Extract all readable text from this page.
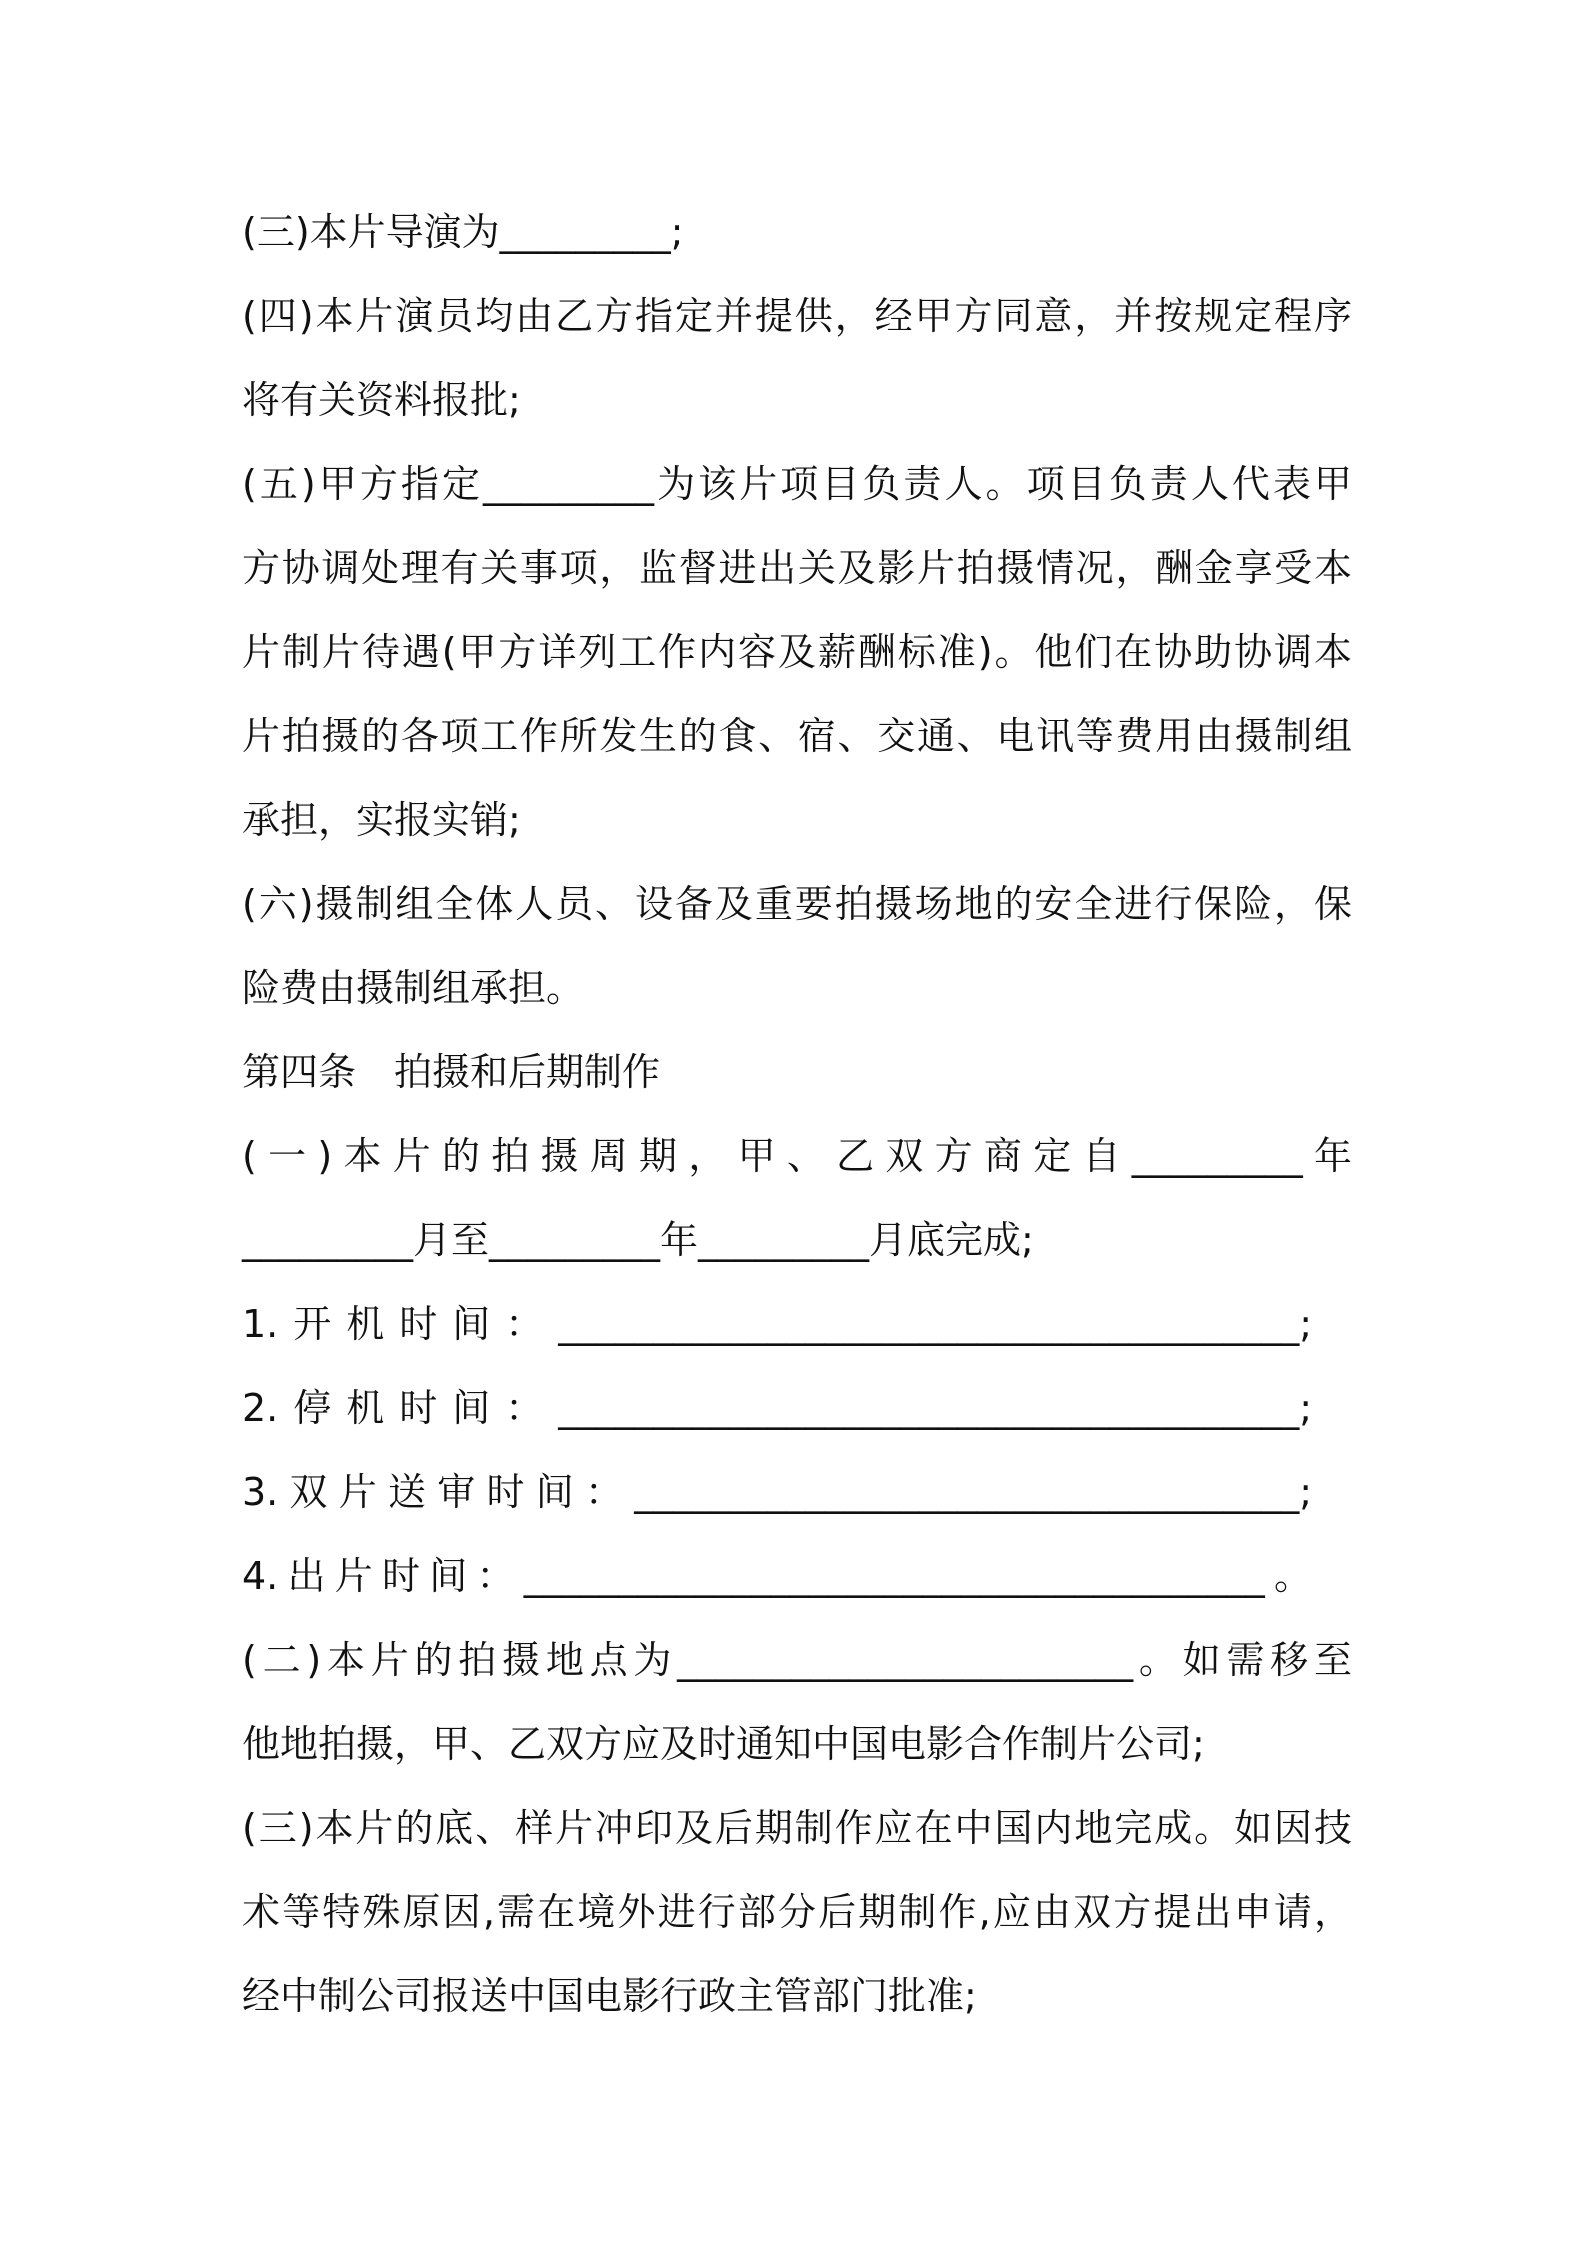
(三)本片导演为_________;
(四)本片演员均由乙方指定并提供，经甲方同意，并按规定程序
将有关资料报批;
(五)甲方指定_________为该片项目负责人。项目负责人代表甲
方协调处理有关事项，监督进出关及影片拍摄情况，酬金享受本
片制片待遇(甲方详列工作内容及薪酬标准)。他们在协助协调本
片拍摄的各项工作所发生的食、宿、交通、电讯等费用由摄制组
承担，实报实销;
(六)摄制组全体人员、设备及重要拍摄场地的安全进行保险，保
险费由摄制组承担。
第四条　拍摄和后期制作
(一)本片的拍摄周期，甲、乙双方商定自_________年
_________月至_________年_________月底完成;
1.开机时间：_______________________________________;
2.停机时间：_______________________________________;
3.双片送审时间：___________________________________;
4.出片时间：_______________________________________。
(二)本片的拍摄地点为________________________。如需移至
他地拍摄，甲、乙双方应及时通知中国电影合作制片公司;
(三)本片的底、样片冲印及后期制作应在中国内地完成。如因技
术等特殊原因,需在境外进行部分后期制作,应由双方提出申请，
经中制公司报送中国电影行政主管部门批准;
